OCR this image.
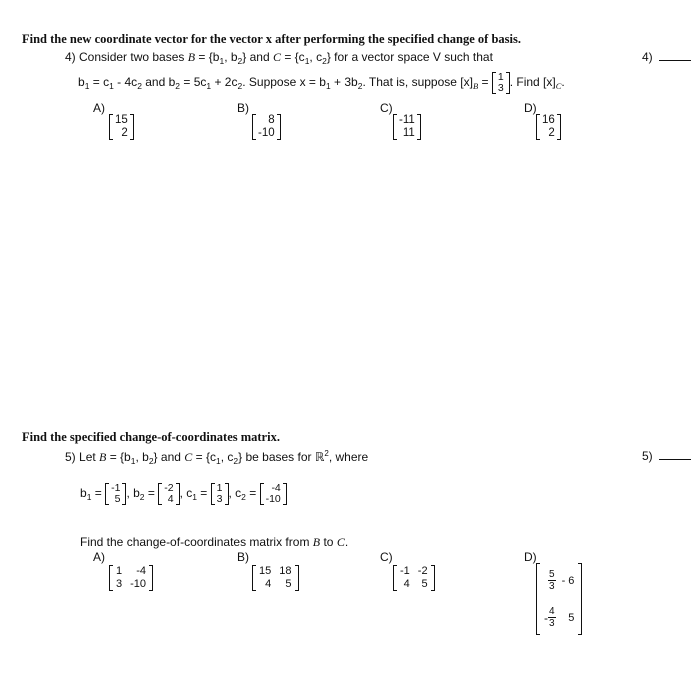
Find the new coordinate vector for the vector x after performing the specified change of basis.
4) Consider two bases $B = \{b_1$, $b_2$} and $C = \{c_1$, $c_2$} for a vector space V such that	4)
$b_1 = c_1 - 4c_2$ and $b_2 = 5c_1 + 2c_2$. Suppose $x = b_1 + 3b_2$. That is, suppose $[x]_B = 1$
3 . Find $[x]_C$.
A)
15
2
B)
8
-10
C)
-11
11
D)
16
2
Find the specified change-of-coordinates matrix.
5) Let $B = \{b_1$, $b_2$} and $C = \{c_1$, $c_2$} be bases for ℝ$^2$, where	5)
$b_1 = -1$
5 , $b_2 = -2$
4 , $c_1 = 1$
3 , $c_2$ =	-4
-10
Find the change-of-coordinates matrix from B to C.
A)
1	-4
3 -10
B)
15 18
4	5
C)
-1 -2
4	5
D)
$\frac{5}{3} - 6$
- $\frac{4}{3}$	5
